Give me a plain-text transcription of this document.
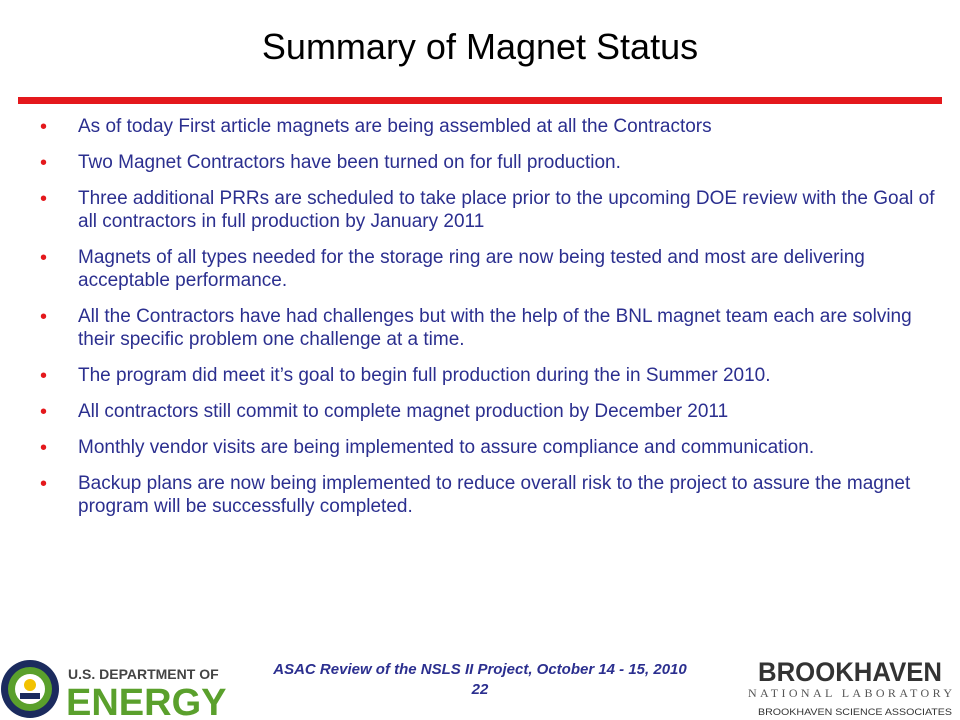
Summary of Magnet Status
• As of today First article magnets are being assembled at all the Contractors
• Two Magnet Contractors have been turned on for full production.
• Three additional PRRs are scheduled to take place prior to the upcoming DOE review with the Goal of all contractors in full production by January 2011
• Magnets of all types needed for the storage ring are now being tested and most are delivering acceptable performance.
• All the Contractors have had challenges but with the help of the BNL magnet team each are solving their specific problem one challenge at a time.
• The program did meet it’s goal to begin full production during the in Summer 2010.
• All contractors still commit to complete magnet production by December 2011
• Monthly vendor visits are being implemented to assure compliance and communication.
• Backup plans are now being implemented to reduce overall risk to the project to assure the magnet program will be successfully completed.
U.S. DEPARTMENT OF
ENERGY
ASAC Review of the NSLS II Project, October 14 - 15, 2010
22
BROOKHAVEN
NATIONAL LABORATORY
BROOKHAVEN SCIENCE ASSOCIATES
